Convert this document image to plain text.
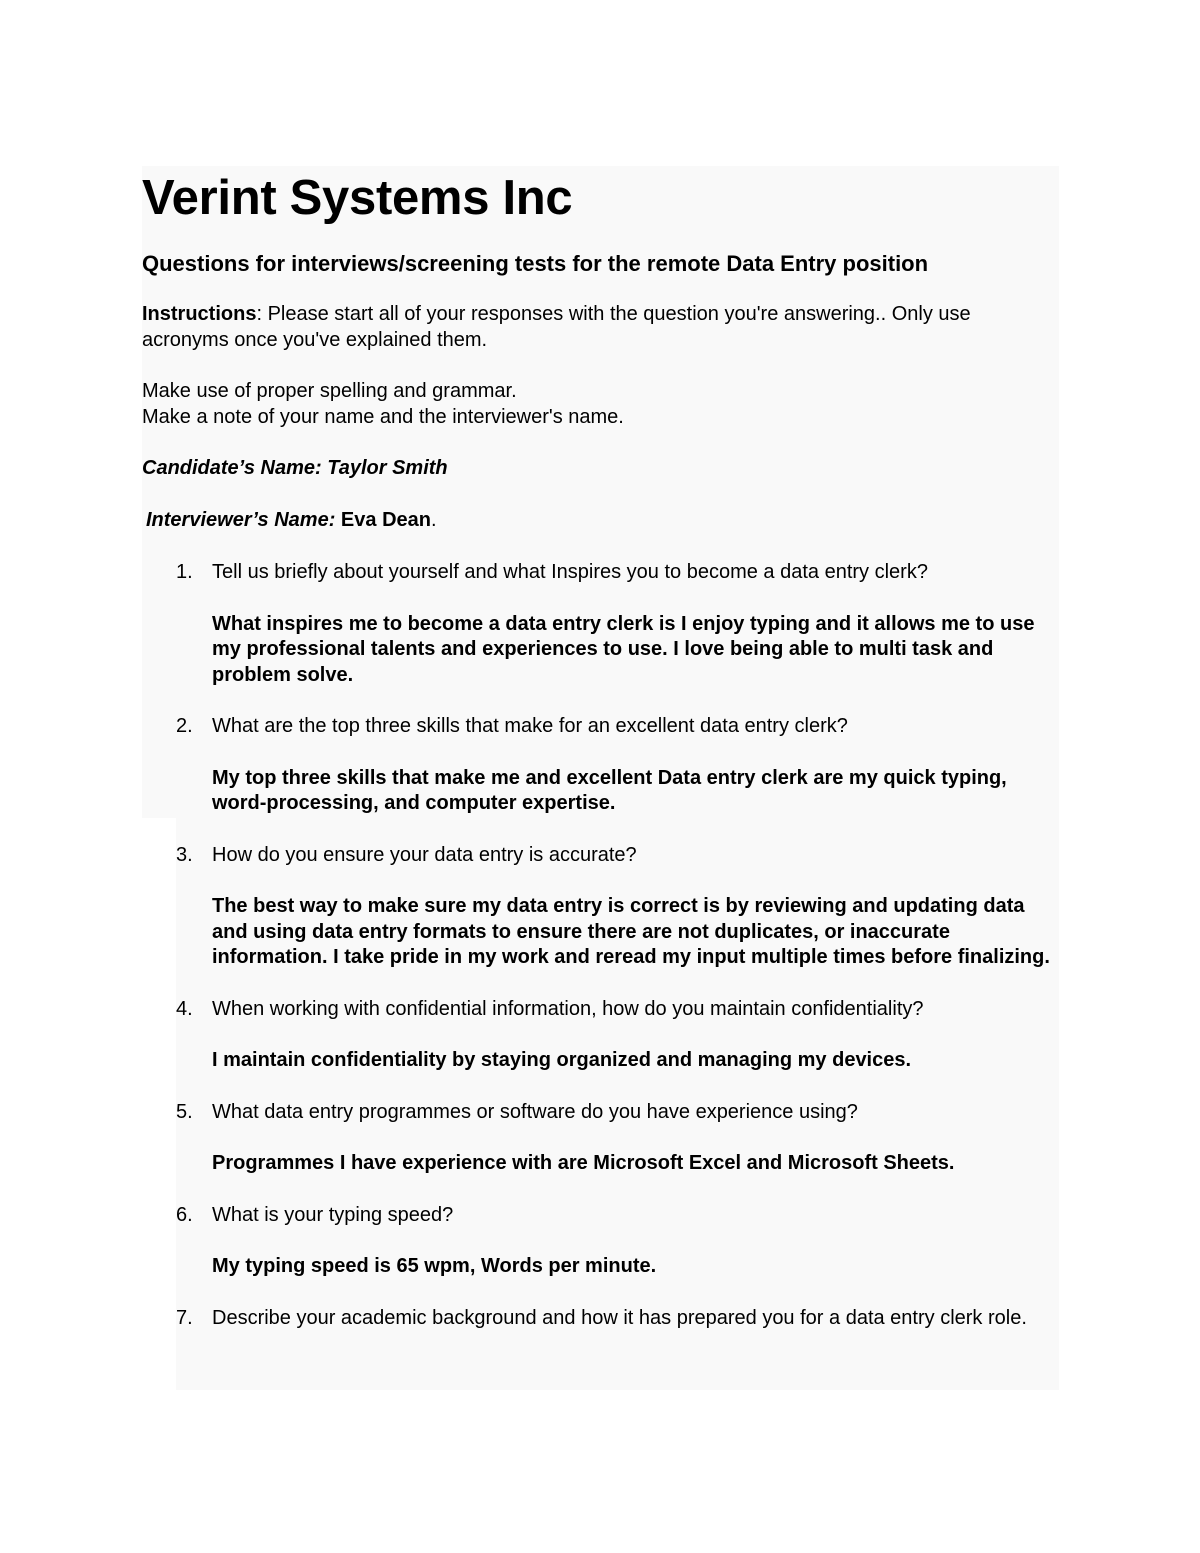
Verint Systems Inc
Questions for interviews/screening tests for the remote Data Entry position

Instructions: Please start all of your responses with the question you're answering.. Only use acronyms once you've explained them.

Make use of proper spelling and grammar.

Make a note of your name and the interviewer's name.

Candidate’s Name: Taylor Smith

Interviewer’s Name: Eva Dean.

1. Tell us briefly about yourself and what Inspires you to become a data entry clerk?
What inspires me to become a data entry clerk is I enjoy typing and it allows me to use my professional talents and experiences to use. I love being able to multi task and problem solve.
2. What are the top three skills that make for an excellent data entry clerk?
My top three skills that make me and excellent Data entry clerk are my quick typing, word-processing, and computer expertise.
3. How do you ensure your data entry is accurate?
The best way to make sure my data entry is correct is by reviewing and updating data and using data entry formats to ensure there are not duplicates, or inaccurate information. I take pride in my work and reread my input multiple times before finalizing.
4. When working with confidential information, how do you maintain confidentiality?
I maintain confidentiality by staying organized and managing my devices.
5. What data entry programmes or software do you have experience using?
Programmes I have experience with are Microsoft Excel and Microsoft Sheets.
6. What is your typing speed?
My typing speed is 65 wpm, Words per minute.
7. Describe your academic background and how it has prepared you for a data entry clerk role.
